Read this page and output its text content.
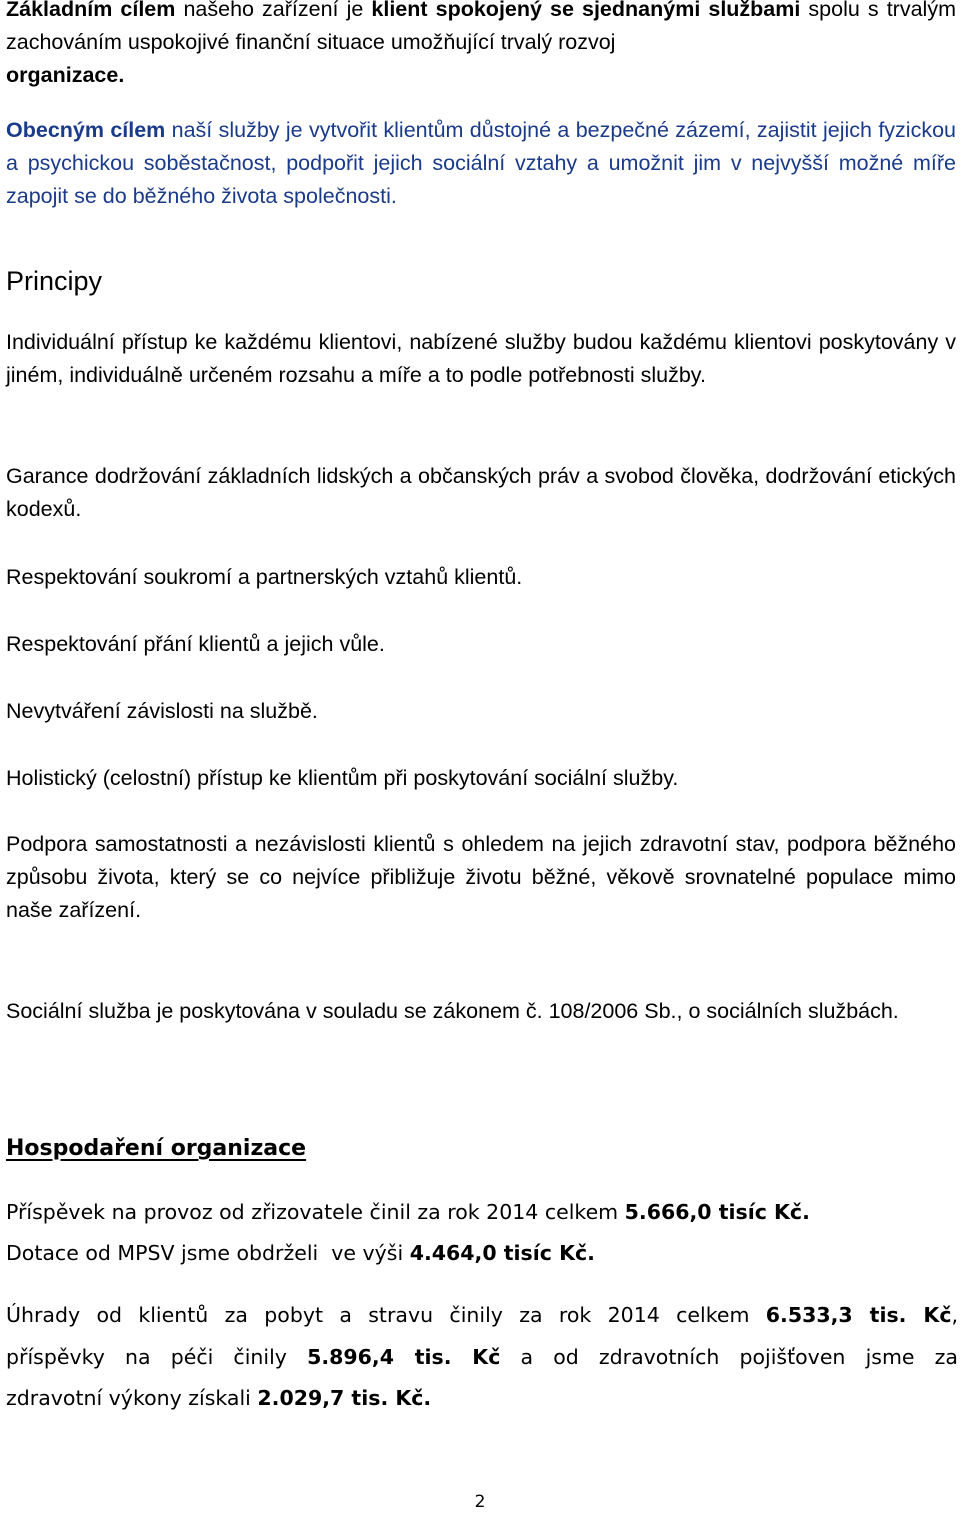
Základním cílem našeho zařízení je klient spokojený se sjednanými službami spolu s trvalým zachováním uspokojivé finanční situace umožňující trvalý rozvoj
organizace.

Obecným cílem naší služby je vytvořit klientům důstojné a bezpečné zázemí, zajistit jejich fyzickou a psychickou soběstačnost, podpořit jejich sociální vztahy a umožnit jim v nejvyšší možné míře zapojit se do běžného života společnosti.

Principy

Individuální přístup ke každému klientovi, nabízené služby budou každému klientovi poskytovány v jiném, individuálně určeném rozsahu a míře a to podle potřebnosti služby.

Garance dodržování základních lidských a občanských práv a svobod člověka, dodržování etických kodexů.

Respektování soukromí a partnerských vztahů klientů.

Respektování přání klientů a jejich vůle.

Nevytváření závislosti na službě.

Holistický (celostní) přístup ke klientům při poskytování sociální služby.

Podpora samostatnosti a nezávislosti klientů s ohledem na jejich zdravotní stav, podpora běžného způsobu života, který se co nejvíce přibližuje životu běžné, věkově srovnatelné populace mimo naše zařízení.

Sociální služba je poskytována v souladu se zákonem č. 108/2006 Sb., o sociálních službách.

Hospodaření organizace

Příspěvek na provoz od zřizovatele činil za rok 2014 celkem 5.666,0 tisíc Kč.

Dotace od MPSV jsme obdrželi  ve výši 4.464,0 tisíc Kč.

Úhrady od klientů za pobyt a stravu činily za rok 2014 celkem 6.533,3 tis. Kč,

příspěvky na péči činily 5.896,4 tis. Kč a od zdravotních pojišťoven jsme za

zdravotní výkony získali 2.029,7 tis. Kč.

2
